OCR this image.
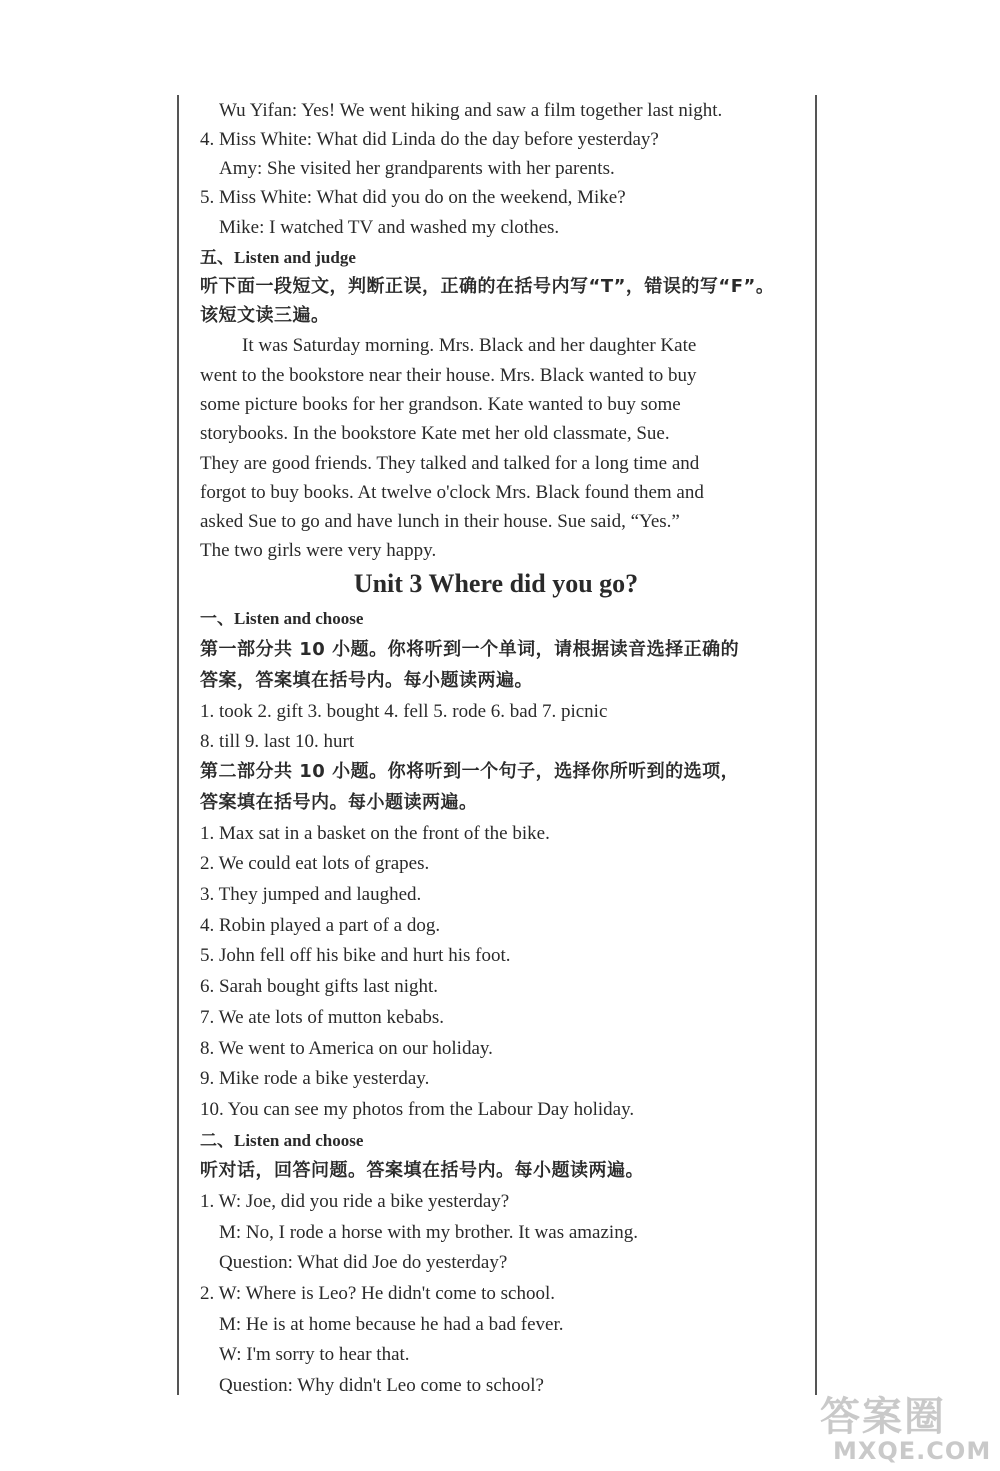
Wu Yifan: Yes! We went hiking and saw a film together last night.
4. Miss White: What did Linda do the day before yesterday?
Amy: She visited her grandparents with her parents.
5. Miss White: What did you do on the weekend, Mike?
Mike: I watched TV and washed my clothes.
五、Listen and judge
听下面一段短文，判断正误，正确的在括号内写“T”，错误的写“F”。
该短文读三遍。
It was Saturday morning. Mrs. Black and her daughter Kate
went to the bookstore near their house. Mrs. Black wanted to buy
some picture books for her grandson. Kate wanted to buy some
storybooks. In the bookstore Kate met her old classmate, Sue.
They are good friends. They talked and talked for a long time and
forgot to buy books. At twelve o'clock Mrs. Black found them and
asked Sue to go and have lunch in their house. Sue said, “Yes.”
The two girls were very happy.
Unit 3 Where did you go?
一、Listen and choose
第一部分共 10 小题。你将听到一个单词，请根据读音选择正确的
答案，答案填在括号内。每小题读两遍。
1. took 2. gift 3. bought 4. fell 5. rode 6. bad 7. picnic
8. till 9. last 10. hurt
第二部分共 10 小题。你将听到一个句子，选择你所听到的选项，
答案填在括号内。每小题读两遍。
1. Max sat in a basket on the front of the bike.
2. We could eat lots of grapes.
3. They jumped and laughed.
4. Robin played a part of a dog.
5. John fell off his bike and hurt his foot.
6. Sarah bought gifts last night.
7. We ate lots of mutton kebabs.
8. We went to America on our holiday.
9. Mike rode a bike yesterday.
10. You can see my photos from the Labour Day holiday.
二、Listen and choose
听对话，回答问题。答案填在括号内。每小题读两遍。
1. W: Joe, did you ride a bike yesterday?
M: No, I rode a horse with my brother. It was amazing.
Question: What did Joe do yesterday?
2. W: Where is Leo? He didn't come to school.
M: He is at home because he had a bad fever.
W: I'm sorry to hear that.
Question: Why didn't Leo come to school?
答案圈
MXQE.COM
